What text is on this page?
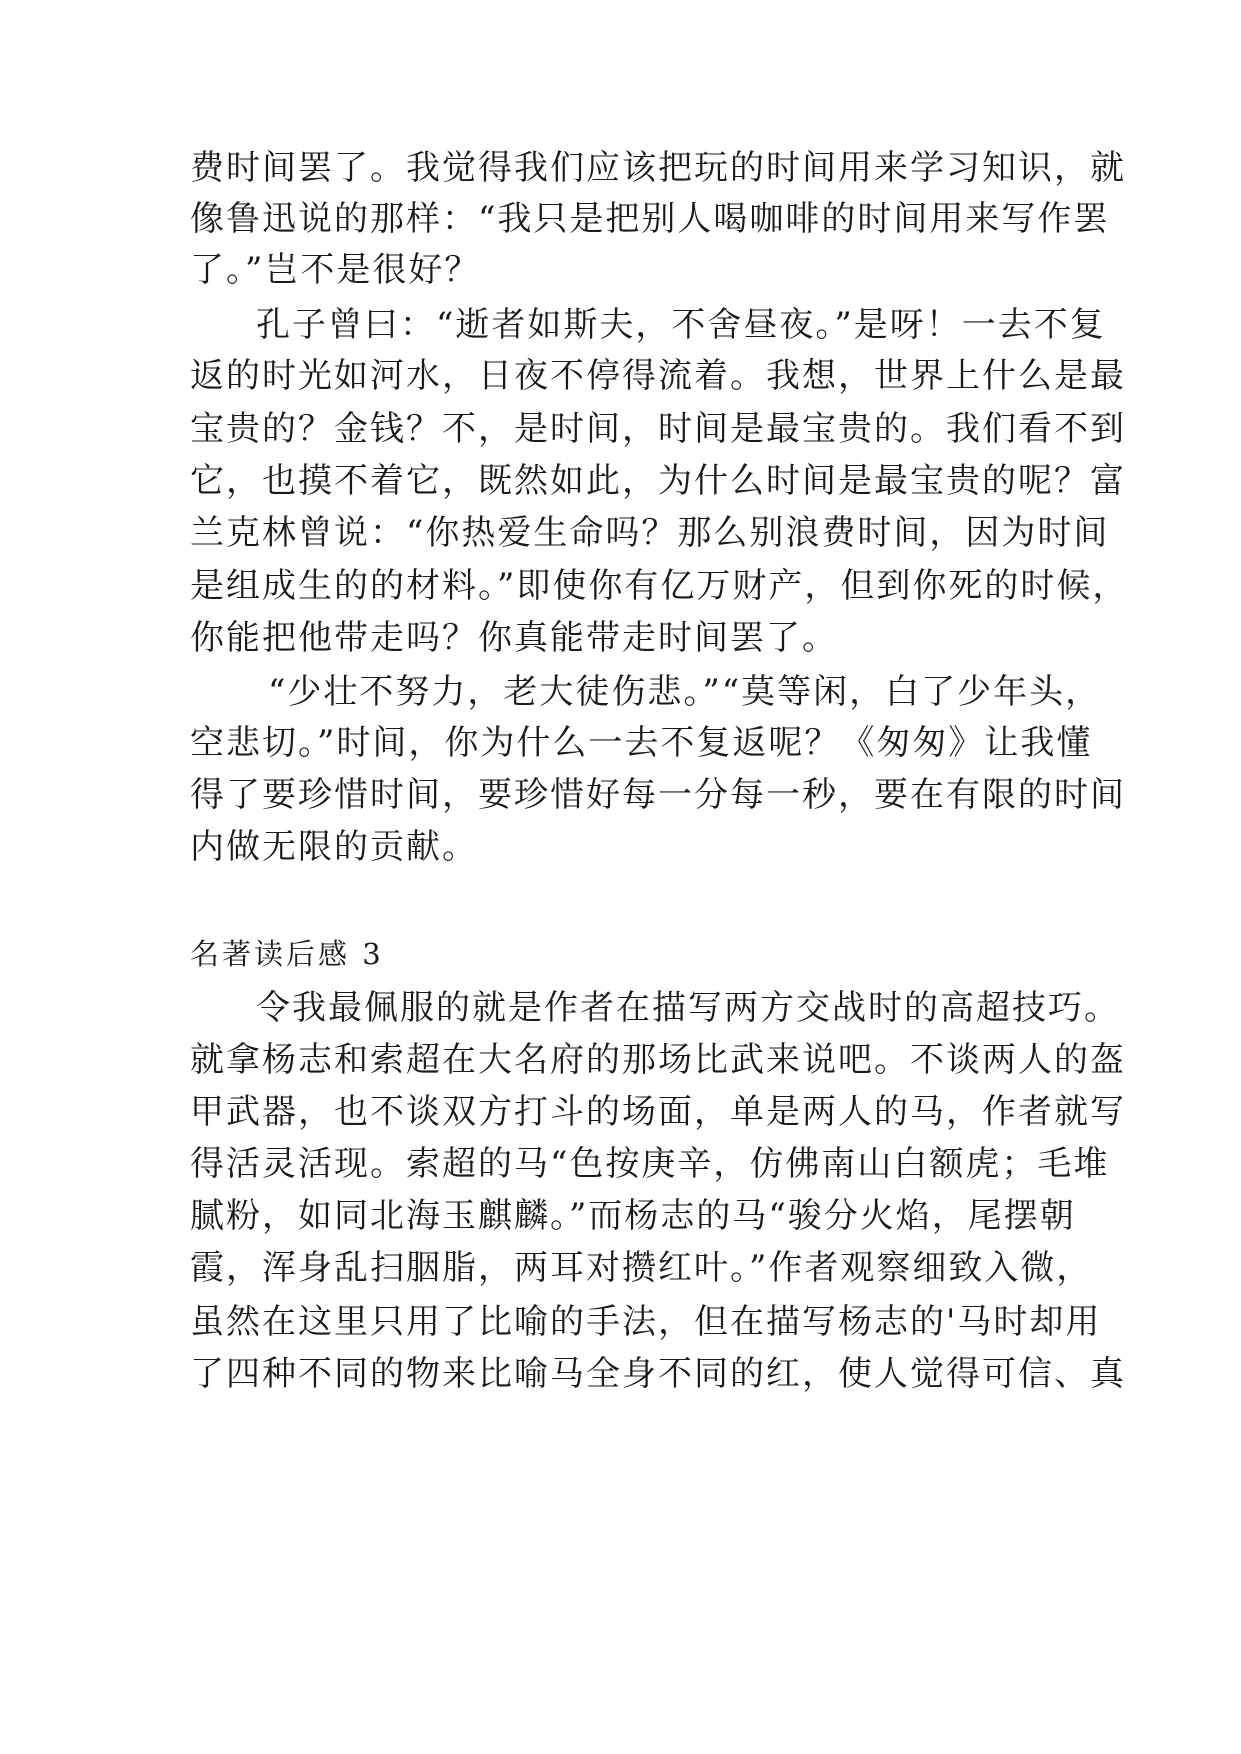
费时间罢了。我觉得我们应该把玩的时间用来学习知识，就
像鲁迅说的那样：“我只是把别人喝咖啡的时间用来写作罢
了。”岂不是很好？
孔子曾曰：“逝者如斯夫，不舍昼夜。”是呀！一去不复
返的时光如河水，日夜不停得流着。我想，世界上什么是最
宝贵的？金钱？不，是时间，时间是最宝贵的。我们看不到
它，也摸不着它，既然如此，为什么时间是最宝贵的呢？富
兰克林曾说：“你热爱生命吗？那么别浪费时间，因为时间
是组成生的的材料。”即使你有亿万财产，但到你死的时候，
你能把他带走吗？你真能带走时间罢了。
“少壮不努力，老大徒伤悲。”“莫等闲，白了少年头，
空悲切。”时间，你为什么一去不复返呢？《匆匆》让我懂
得了要珍惜时间，要珍惜好每一分每一秒，要在有限的时间
内做无限的贡献。
名著读后感 3
令我最佩服的就是作者在描写两方交战时的高超技巧。
就拿杨志和索超在大名府的那场比武来说吧。不谈两人的盔
甲武器，也不谈双方打斗的场面，单是两人的马，作者就写
得活灵活现。索超的马“色按庚辛，仿佛南山白额虎；毛堆
腻粉，如同北海玉麒麟。”而杨志的马“骏分火焰，尾摆朝
霞，浑身乱扫胭脂，两耳对攒红叶。”作者观察细致入微，
虽然在这里只用了比喻的手法，但在描写杨志的'马时却用
了四种不同的物来比喻马全身不同的红，使人觉得可信、真
